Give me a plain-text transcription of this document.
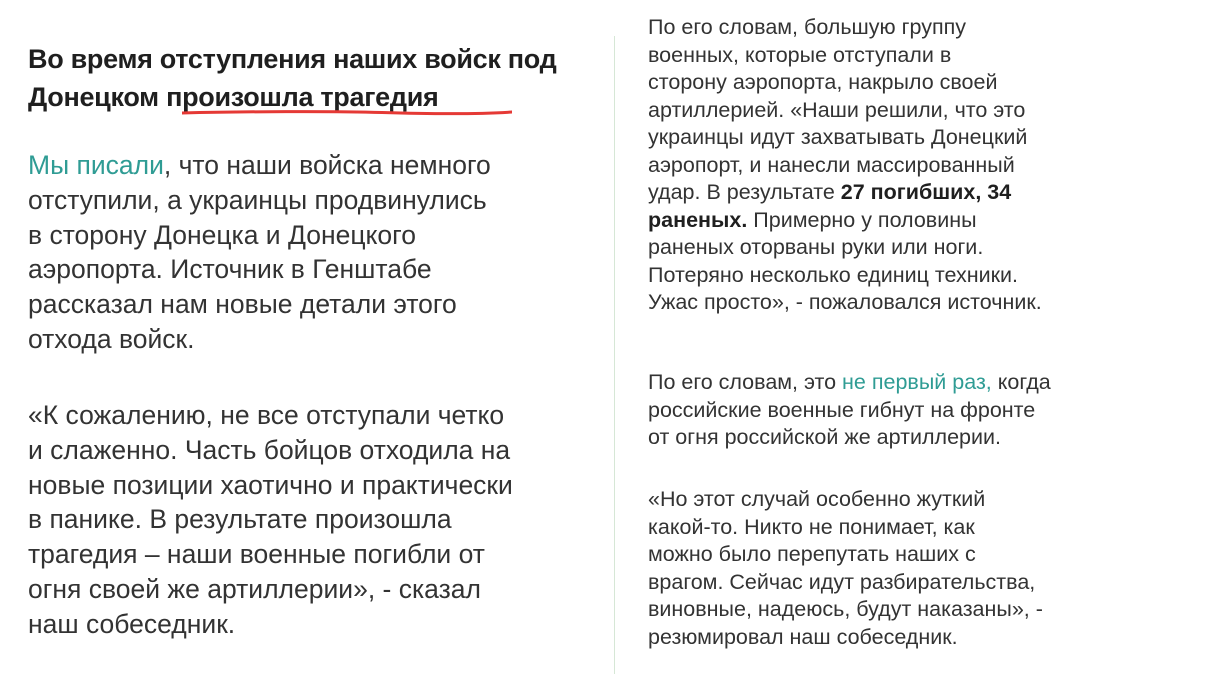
Во время отступления наших войск под
Донецком произошла трагедия
Мы писали, что наши войска немного
отступили, а украинцы продвинулись
в сторону Донецка и Донецкого
аэропорта. Источник в Генштабе
рассказал нам новые детали этого
отхода войск.
«К сожалению, не все отступали четко
и слаженно. Часть бойцов отходила на
новые позиции хаотично и практически
в панике. В результате произошла
трагедия – наши военные погибли от
огня своей же артиллерии», - сказал
наш собеседник.
По его словам, большую группу
военных, которые отступали в
сторону аэропорта, накрыло своей
артиллерией. «Наши решили, что это
украинцы идут захватывать Донецкий
аэропорт, и нанесли массированный
удар. В результате 27 погибших, 34
раненых. Примерно у половины
раненых оторваны руки или ноги.
Потеряно несколько единиц техники.
Ужас просто», - пожаловался источник.
По его словам, это не первый раз, когда
российские военные гибнут на фронте
от огня российской же артиллерии.
«Но этот случай особенно жуткий
какой-то. Никто не понимает, как
можно было перепутать наших с
врагом. Сейчас идут разбирательства,
виновные, надеюсь, будут наказаны», -
резюмировал наш собеседник.
